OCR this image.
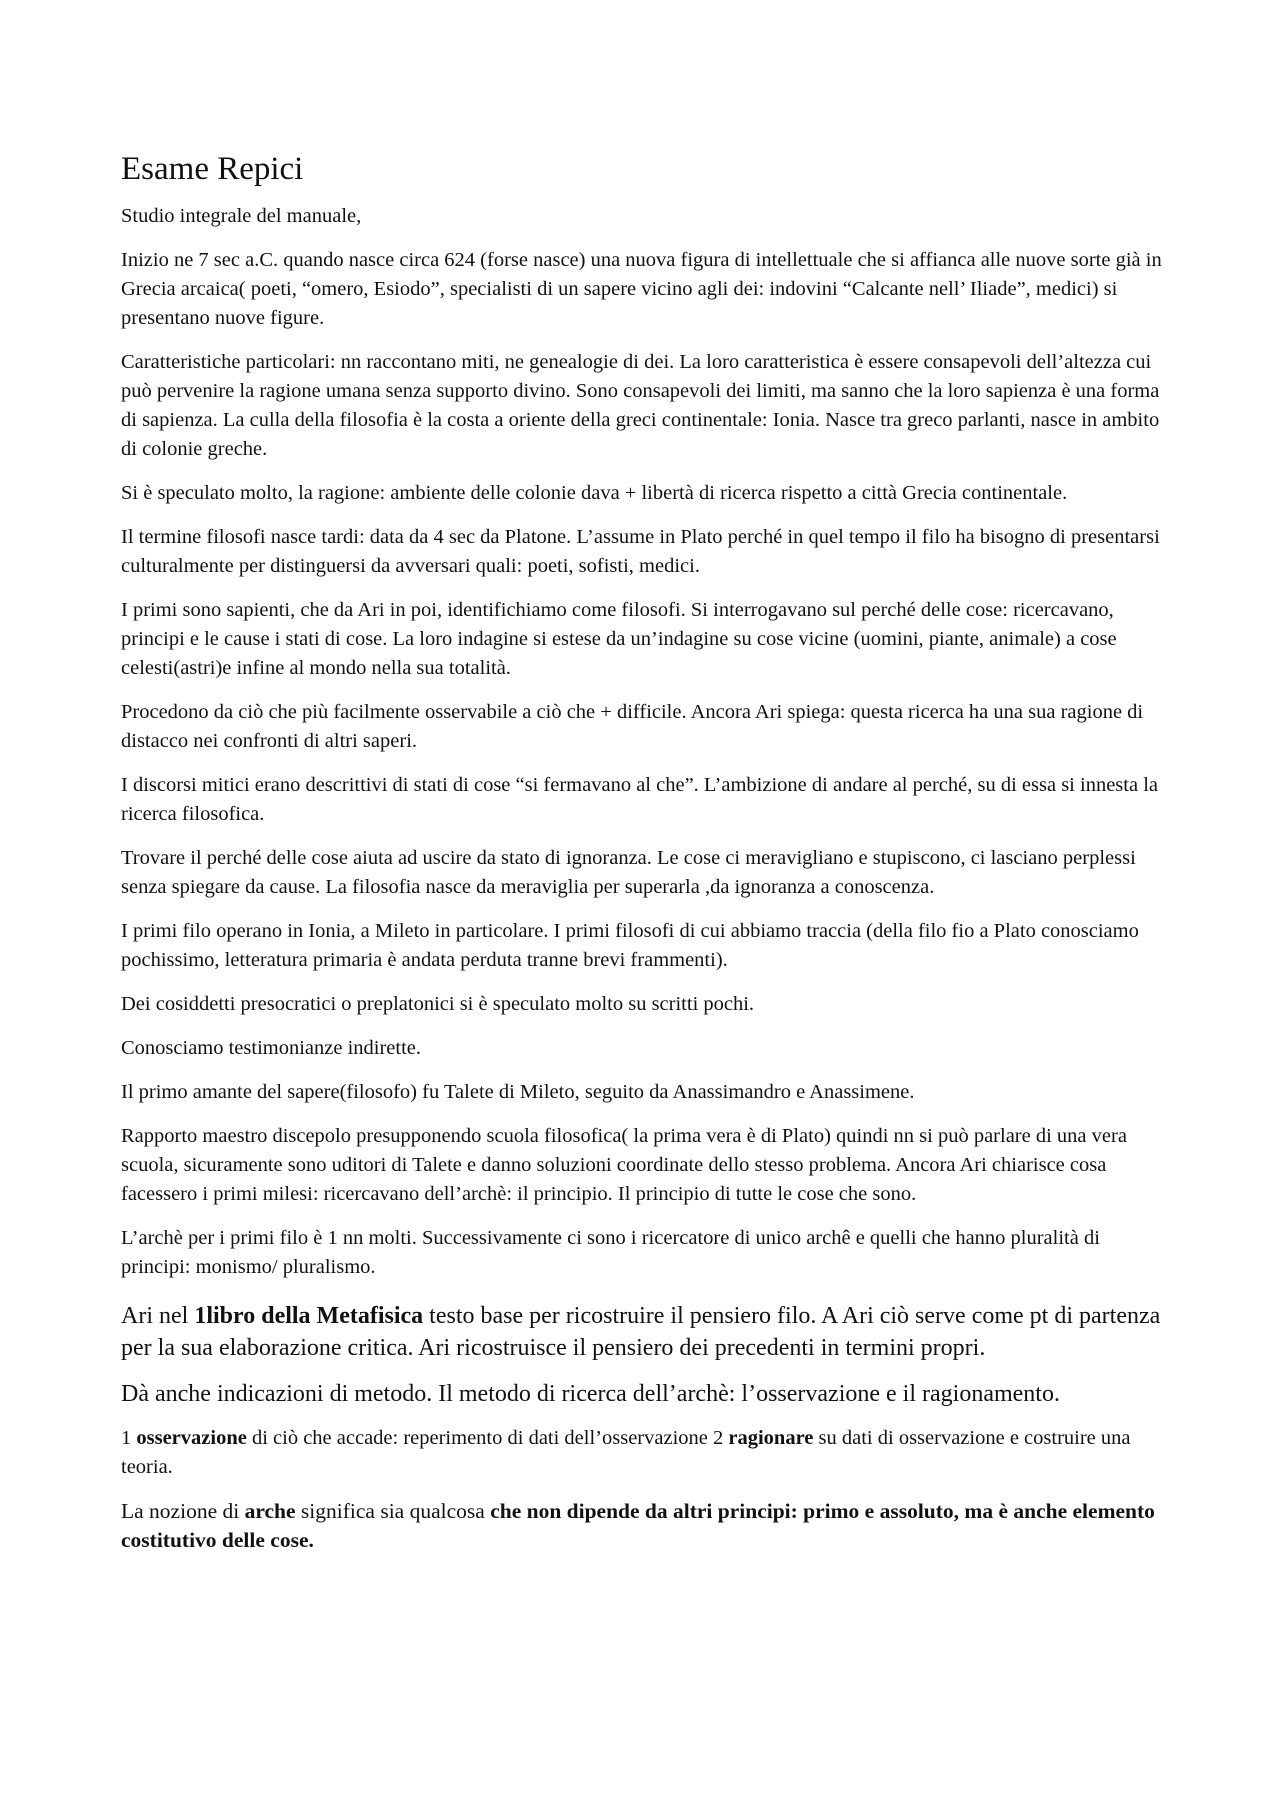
Esame Repici

Studio integrale del manuale,

Inizio ne 7 sec a.C. quando nasce circa 624 (forse nasce) una nuova figura di intellettuale che si affianca alle nuove sorte già in Grecia arcaica( poeti, “omero, Esiodo”, specialisti di un sapere vicino agli dei: indovini “Calcante nell’ Iliade”, medici) si presentano nuove figure.

Caratteristiche particolari: nn raccontano miti, ne genealogie di dei. La loro caratteristica è essere consapevoli dell’altezza cui può pervenire la ragione umana senza supporto divino. Sono consapevoli dei limiti, ma sanno che la loro sapienza è una forma di sapienza. La culla della filosofia è la costa a oriente della greci continentale: Ionia. Nasce tra greco parlanti, nasce in ambito di colonie greche.

Si è speculato molto, la ragione: ambiente delle colonie dava + libertà di ricerca rispetto a città Grecia continentale.

Il termine filosofi nasce tardi: data da 4 sec da Platone. L’assume in Plato perché in quel tempo il filo ha bisogno di presentarsi culturalmente per distinguersi da avversari quali: poeti, sofisti, medici.

I primi sono sapienti, che da Ari in poi, identifichiamo come filosofi. Si interrogavano sul perché delle cose: ricercavano, principi e le cause i stati di cose. La loro indagine si estese da un’indagine su cose vicine (uomini, piante, animale) a cose celesti(astri)e infine al mondo nella sua totalità.

Procedono da ciò che più facilmente osservabile a ciò che + difficile. Ancora Ari spiega: questa ricerca ha una sua ragione di distacco nei confronti di altri saperi.

I discorsi mitici erano descrittivi di stati di cose “si fermavano al che”. L’ambizione di andare al perché, su di essa si innesta la ricerca filosofica.

Trovare il perché delle cose aiuta ad uscire da stato di ignoranza. Le cose ci meravigliano e stupiscono, ci lasciano perplessi senza spiegare da cause. La filosofia nasce da meraviglia per superarla ,da ignoranza a conoscenza.

I primi filo operano in Ionia, a Mileto in particolare. I primi filosofi di cui abbiamo traccia (della filo fio a Plato conosciamo pochissimo, letteratura primaria è andata perduta tranne brevi frammenti).

Dei cosiddetti presocratici o preplatonici si è speculato molto su scritti pochi.

Conosciamo testimonianze indirette.

Il primo amante del sapere(filosofo) fu Talete di Mileto, seguito da Anassimandro e Anassimene.

Rapporto maestro discepolo presupponendo scuola filosofica( la prima vera è di Plato) quindi nn si può parlare di una vera scuola, sicuramente sono uditori di Talete e danno soluzioni coordinate dello stesso problema. Ancora Ari chiarisce cosa facessero i primi milesi: ricercavano dell’archè: il principio. Il principio di tutte le cose che sono.

L’archè per i primi filo è 1 nn molti. Successivamente ci sono i ricercatore di unico archê e quelli che hanno pluralità di principi: monismo/ pluralismo.

Ari nel 1libro della Metafisica testo base per ricostruire il pensiero filo. A Ari ciò serve come pt di partenza per la sua elaborazione critica. Ari ricostruisce il pensiero dei precedenti in termini propri.

Dà anche indicazioni di metodo. Il metodo di ricerca dell’archè: l’osservazione e il ragionamento.

1 osservazione di ciò che accade: reperimento di dati dell’osservazione 2 ragionare su dati di osservazione e costruire una teoria.

La nozione di arche significa sia qualcosa che non dipende da altri principi: primo e assoluto, ma è anche elemento costitutivo delle cose.
